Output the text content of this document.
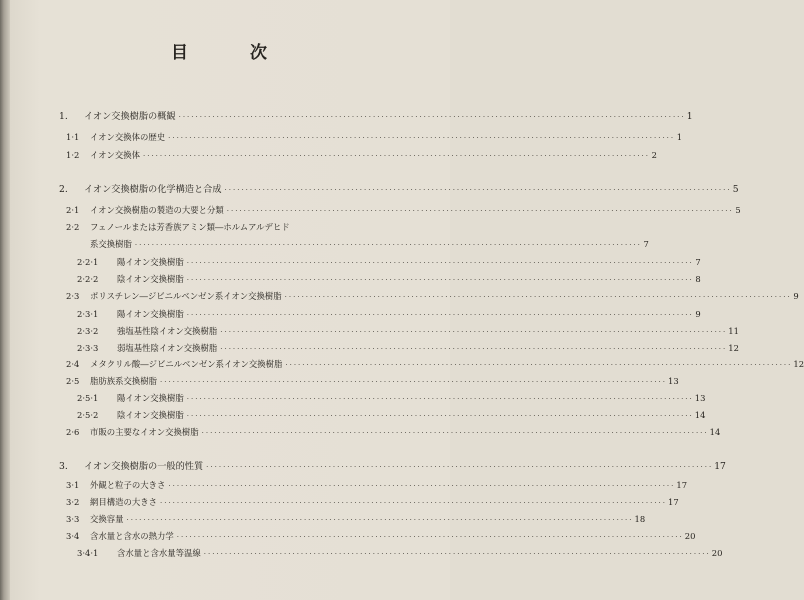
目	次
1.	イオン交換樹脂の概観 ························································································································ 1
1·1	イオン交換体の歴史 ························································································································ 1
1·2	イオン交換体 ························································································································ 2
2.	イオン交換樹脂の化学構造と合成 ························································································································ 5
2·1	イオン交換樹脂の製造の大要と分類 ························································································································ 5
2·2	フェノールまたは芳香族アミン類―ホルムアルデヒド
系交換樹脂 ························································································································ 7
2·2·1	陽イオン交換樹脂 ························································································································ 7
2·2·2	陰イオン交換樹脂 ························································································································ 8
2·3	ポリスチレン―ジビニルベンゼン系イオン交換樹脂 ························································································································ 9
2·3·1	陽イオン交換樹脂 ························································································································ 9
2·3·2	強塩基性陰イオン交換樹脂 ························································································································ 11
2·3·3	弱塩基性陰イオン交換樹脂 ························································································································ 12
2·4	メタクリル酸―ジビニルベンゼン系イオン交換樹脂 ························································································································ 12
2·5	脂肪族系交換樹脂 ························································································································ 13
2·5·1	陽イオン交換樹脂 ························································································································ 13
2·5·2	陰イオン交換樹脂 ························································································································ 14
2·6	市販の主要なイオン交換樹脂 ························································································································ 14
3.	イオン交換樹脂の一般的性質 ························································································································ 17
3·1	外観と粒子の大きさ ························································································································ 17
3·2	網目構造の大きさ ························································································································ 17
3·3	交換容量 ························································································································ 18
3·4	含水量と含水の熱力学 ························································································································ 20
3·4·1	含水量と含水量等温線 ························································································································ 20
